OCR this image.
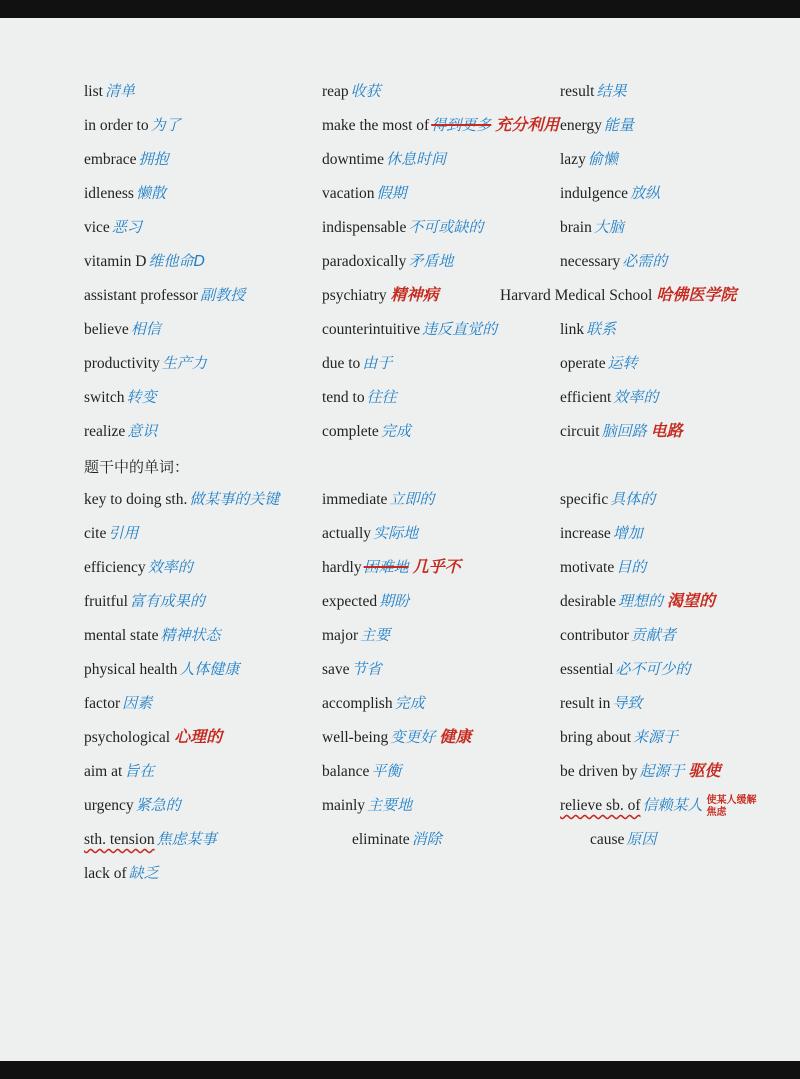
题干中的单词：
list 清单
in order to 为了
embrace 拥抱
idleness 懒散
vice 恶习
vitamin D 维他命D
assistant professor 副教授
believe 相信
productivity 生产力
switch 转变
realize 意识
reap 收获
make the most of 得到更多 充分利用
downtime 休息时间
vacation 假期
indispensable 不可或缺的
paradoxically 矛盾地
psychiatry 精神病
counterintuitive 违反直觉的
due to 由于
tend to 往往
complete 完成
result 结果
energy 能量
lazy 偷懒
indulgence 放纵
brain 大脑
necessary 必需的
Harvard Medical School 哈佛医学院
link 联系
operate 运转
efficient 效率的
circuit 脑回路 电路
key to doing sth. 做某事的关键
cite 引用
efficiency 效率的
fruitful 富有成果的
mental state 精神状态
physical health 人体健康
factor 因素
psychological 心理的
aim at 旨在
urgency 紧急的
sth. tension 焦虑某事
lack of 缺乏
immediate 立即的
actually 实际地
hardly 困难地 几乎不
expected 期盼
major 主要
save 节省
accomplish 完成
well-being 变更好 健康
balance 平衡
mainly 主要地
eliminate 消除
specific 具体的
increase 增加
motivate 目的
desirable 理想的 渴望的
contributor 贡献者
essential 必不可少的
result in 导致
bring about 来源于
be driven by 起源于 驱使
relieve sb. of 信赖某人 使某人缓解 焦虑
cause 原因
